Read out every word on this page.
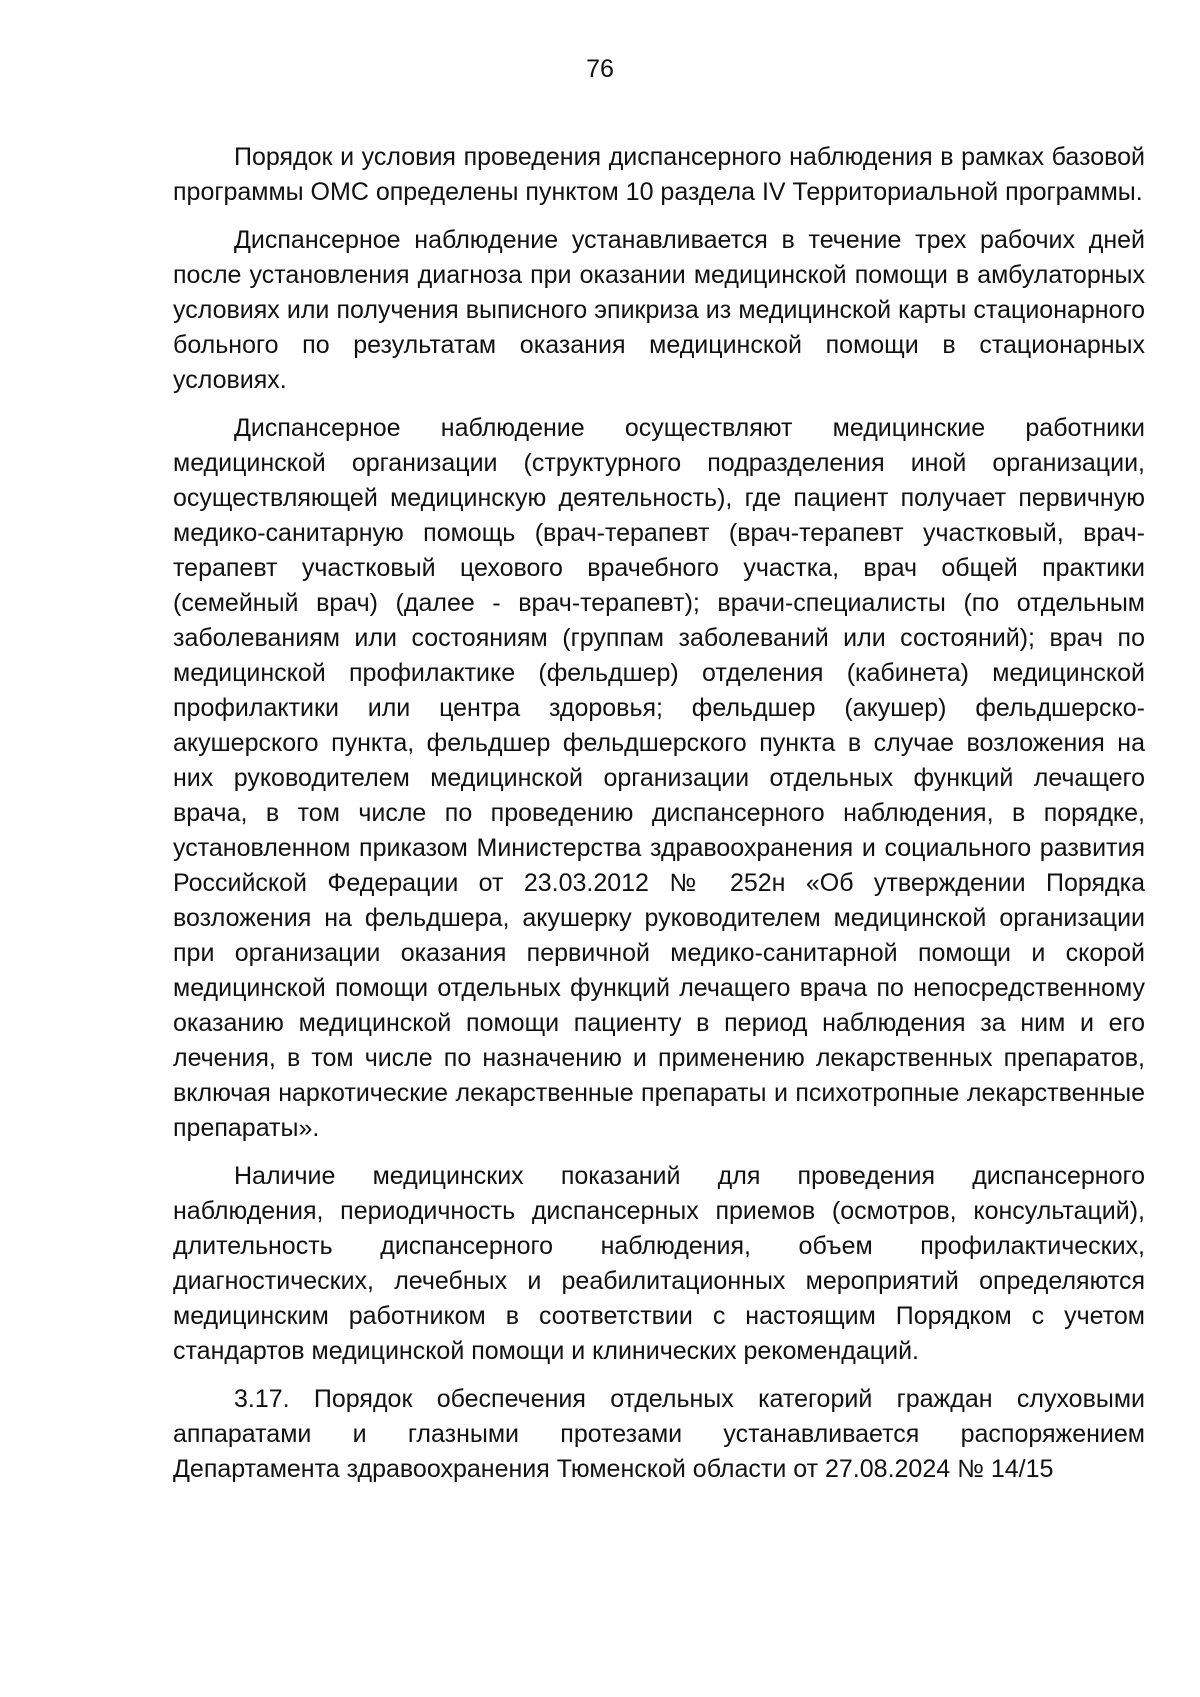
76

Порядок и условия проведения диспансерного наблюдения в рамках базовой программы ОМС определены пунктом 10 раздела IV Территориальной программы.

Диспансерное наблюдение устанавливается в течение трех рабочих дней после установления диагноза при оказании медицинской помощи в амбулаторных условиях или получения выписного эпикриза из медицинской карты стационарного больного по результатам оказания медицинской помощи в стационарных условиях.

Диспансерное наблюдение осуществляют медицинские работники медицинской организации (структурного подразделения иной организации, осуществляющей медицинскую деятельность), где пациент получает первичную медико-санитарную помощь (врач-терапевт (врач-терапевт участковый, врач-терапевт участковый цехового врачебного участка, врач общей практики (семейный врач) (далее - врач-терапевт); врачи-специалисты (по отдельным заболеваниям или состояниям (группам заболеваний или состояний); врач по медицинской профилактике (фельдшер) отделения (кабинета) медицинской профилактики или центра здоровья; фельдшер (акушер) фельдшерско-акушерского пункта, фельдшер фельдшерского пункта в случае возложения на них руководителем медицинской организации отдельных функций лечащего врача, в том числе по проведению диспансерного наблюдения, в порядке, установленном приказом Министерства здравоохранения и социального развития Российской Федерации от 23.03.2012 № 252н «Об утверждении Порядка возложения на фельдшера, акушерку руководителем медицинской организации при организации оказания первичной медико-санитарной помощи и скорой медицинской помощи отдельных функций лечащего врача по непосредственному оказанию медицинской помощи пациенту в период наблюдения за ним и его лечения, в том числе по назначению и применению лекарственных препаратов, включая наркотические лекарственные препараты и психотропные лекарственные препараты».

Наличие медицинских показаний для проведения диспансерного наблюдения, периодичность диспансерных приемов (осмотров, консультаций), длительность диспансерного наблюдения, объем профилактических, диагностических, лечебных и реабилитационных мероприятий определяются медицинским работником в соответствии с настоящим Порядком с учетом стандартов медицинской помощи и клинических рекомендаций.

3.17. Порядок обеспечения отдельных категорий граждан слуховыми аппаратами и глазными протезами устанавливается распоряжением Департамента здравоохранения Тюменской области от 27.08.2024 № 14/15
